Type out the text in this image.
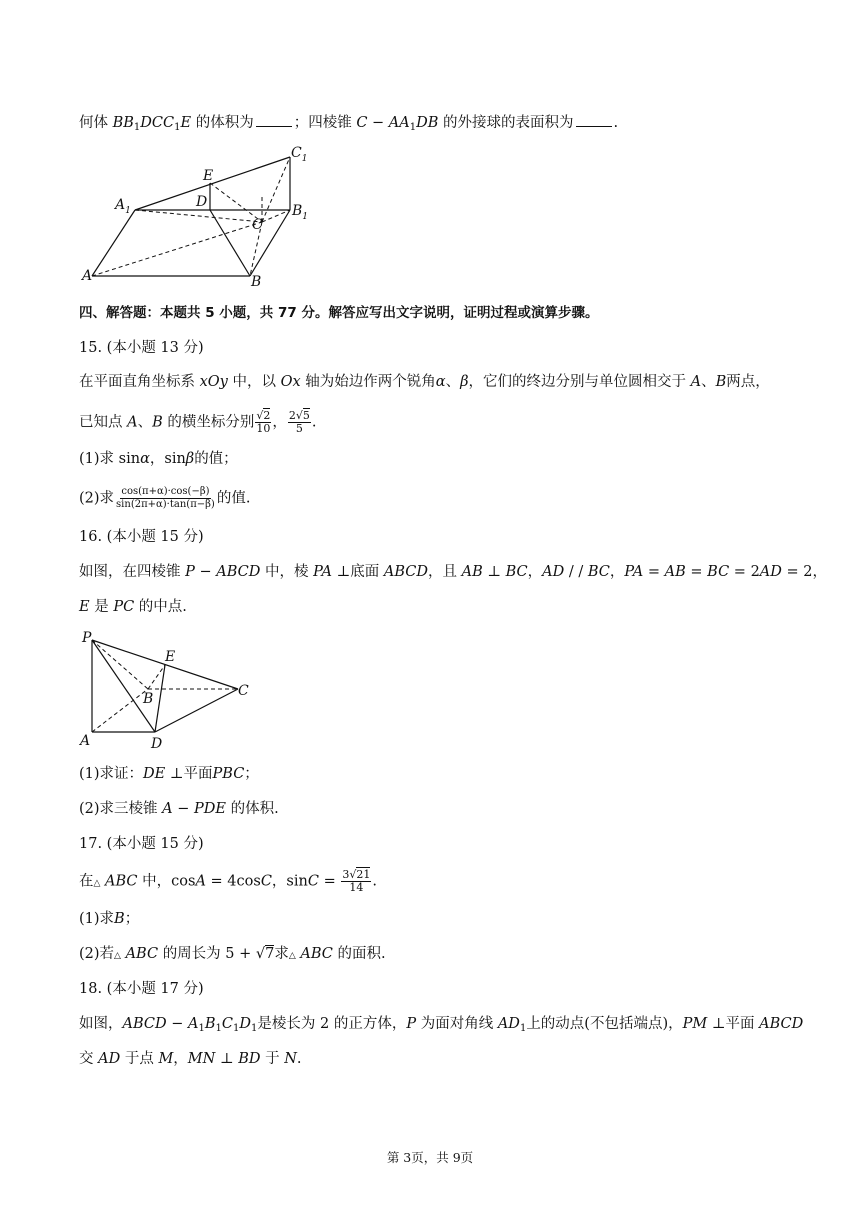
何体 $BB_1DCC_1E$ 的体积为	；四棱锥 $C - AA_1DB$ 的外接球的表面积为	.
$C_1$
E
D
$A_1$	$B_1$
C
A	B
四、解答题：本题共 5 小题，共 77 分。解答应写出文字说明，证明过程或演算步骤。
15. (本小题 13 分)
在平面直角坐标系 xOy 中，以 Ox 轴为始边作两个锐角α、β，它们的终边分别与单位圆相交于 A、B两点，
已知点 A、B 的横坐标分别 $\frac{√2}{10}$ ， $\frac{2√5}{5}$ .
(1)求 sinα，sinβ的值；
(2)求 $\frac{\cos(\pi+\alpha)\cdot\cos(-\beta)}{\sin(2\pi+\alpha)\cdot\tan(\pi-\beta)}$ 的值.
16. (本小题 15 分)
如图，在四棱锥 P − ABCD 中，棱 PA ⊥底面 ABCD，且 AB ⊥ BC，AD / / BC，PA = AB = BC = 2AD = 2，
E 是 PC 的中点.
P
E
B	C
A	D
(1)求证：DE ⊥平面PBC；
(2)求三棱锥 A − PDE 的体积.
17. (本小题 15 分)
在△ ABC 中，cosA = 4cosC，$\sin C = \frac{3√21}{14}$ .
(1)求B；
(2)若△ ABC 的周长为 5 + √7求△ ABC 的面积.
18. (本小题 17 分)
如图，ABCD − $A_1B_1C_1D_1$是棱长为 2 的正方体，P 为面对角线 $AD_1$上的动点(不包括端点)，PM ⊥平面 ABCD
交 AD 于点 M，MN ⊥ BD 于 N.
第 3页，共 9页
